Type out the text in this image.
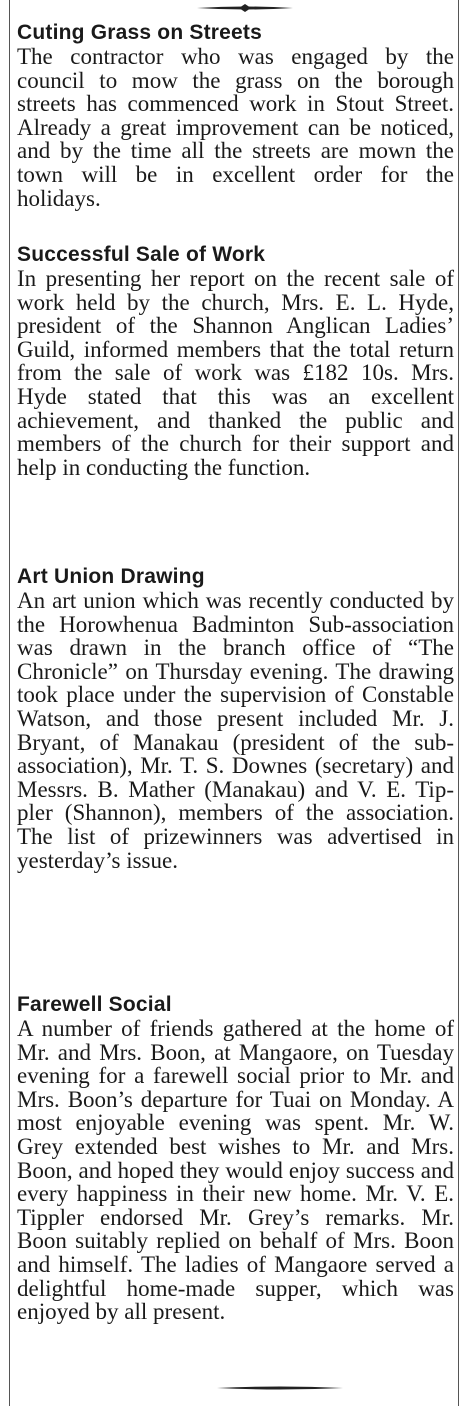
Cuting Grass on Streets

The contractor who was engaged by the council to mow the grass on the borough streets has commenced work in Stout Street. Already a great improvement can be noticed, and by the time all the streets are mown the town will be in excellent order for the holidays.

Successful Sale of Work

In presenting her report on the recent sale of work held by the church, Mrs. E. L. Hyde, president of the Shannon Anglican Ladies’ Guild, informed members that the total return from the sale of work was £182 10s. Mrs. Hyde stated that this was an excellent achievement, and thanked the public and members of the church for their support and help in conducting the function.

Art Union Drawing

An art union which was recently conducted by the Horowhenua Badminton Sub-association was drawn in the branch office of “The Chronicle” on Thursday evening. The drawing took place under the supervision of Constable Watson, and those present included Mr. J. Bryant, of Manakau (president of the sub-association), Mr. T. S. Downes (secretary) and Messrs. B. Mather (Manakau) and V. E. Tippler (Shannon), members of the association. The list of prizewinners was advertised in yesterday’s issue.

Farewell Social

A number of friends gathered at the home of Mr. and Mrs. Boon, at Mangaore, on Tuesday evening for a farewell social prior to Mr. and Mrs. Boon’s departure for Tuai on Monday. A most enjoyable evening was spent. Mr. W. Grey extended best wishes to Mr. and Mrs. Boon, and hoped they would enjoy success and every happiness in their new home. Mr. V. E. Tippler endorsed Mr. Grey’s remarks. Mr. Boon suitably replied on behalf of Mrs. Boon and himself. The ladies of Mangaore served a delightful home-made supper, which was enjoyed by all present.
